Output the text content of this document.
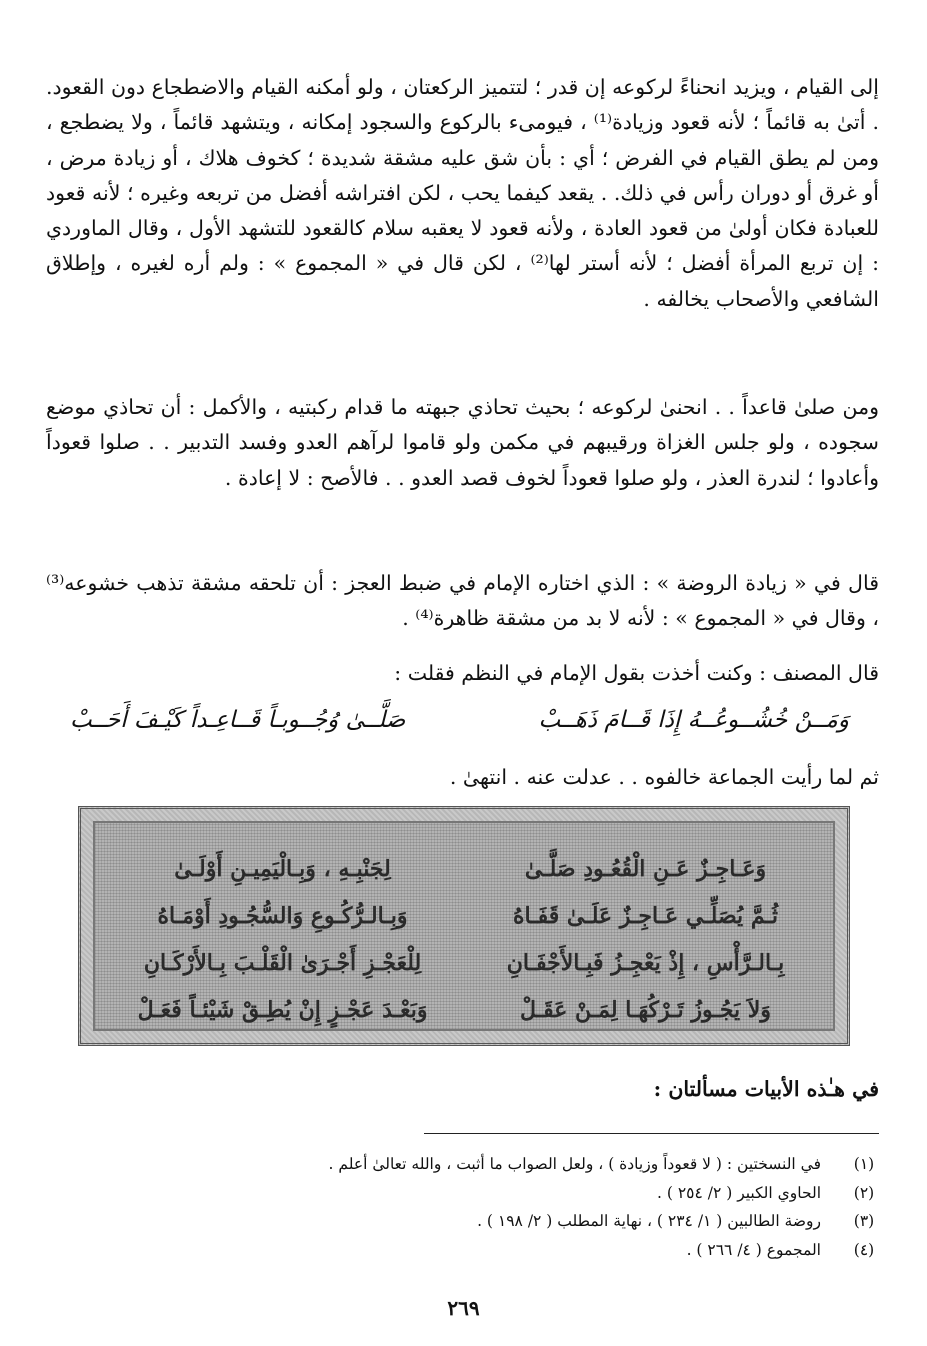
إلى القيام ، ويزيد انحناءً لركوعه إن قدر ؛ لتتميز الركعتان ، ولو أمكنه القيام والاضطجاع دون القعود. . أتىٰ به قائماً ؛ لأنه قعود وزيادة⁽¹⁾ ، فيومىء بالركوع والسجود إمكانه ، ويتشهد قائماً ، ولا يضطجع ، ومن لم يطق القيام في الفرض ؛ أي : بأن شق عليه مشقة شديدة ؛ كخوف هلاك ، أو زيادة مرض ، أو غرق أو دوران رأس في ذلك. . يقعد كيفما يحب ، لكن افتراشه أفضل من تربعه وغيره ؛ لأنه قعود للعبادة فكان أولىٰ من قعود العادة ، ولأنه قعود لا يعقبه سلام كالقعود للتشهد الأول ، وقال الماوردي : إن تربع المرأة أفضل ؛ لأنه أستر لها⁽²⁾ ، لكن قال في « المجموع » : ولم أره لغيره ، وإطلاق الشافعي والأصحاب يخالفه .
ومن صلىٰ قاعداً . . انحنىٰ لركوعه ؛ بحيث تحاذي جبهته ما قدام ركبتيه ، والأكمل : أن تحاذي موضع سجوده ، ولو جلس الغزاة ورقيبهم في مكمن ولو قاموا لرآهم العدو وفسد التدبير . . صلوا قعوداً وأعادوا ؛ لندرة العذر ، ولو صلوا قعوداً لخوف قصد العدو . . فالأصح : لا إعادة .
قال في « زيادة الروضة » : الذي اختاره الإمام في ضبط العجز : أن تلحقه مشقة تذهب خشوعه⁽³⁾ ، وقال في « المجموع » : لأنه لا بد من مشقة ظاهرة⁽⁴⁾ .
قال المصنف : وكنت أخذت بقول الإمام في النظم فقلت :
وَمَــنْ خُشُــوعُــهُ إِذَا قَــامَ ذَهَــبْ
صَلَّــىٰ وُجُــوبـاً قَــاعِـداً كَيْـفَ أَحَــبْ
ثم لما رأيت الجماعة خالفوه . . عدلت عنه . انتهىٰ .
وَعَـاجِـزٌ عَـنِ الْقُعُـودِ صَلَّـىٰ
لِجَنْبِـهِ ، وَبِـالْيَمِيـنِ أَوْلَـىٰ
ثُـمَّ يُصَلِّـي عَـاجِـزٌ عَلَـىٰ قَفَـاهُ
وَبِـالـرُّكُـوعِ وَالسُّجُـودِ أَوْمَـاهُ
بِـالـرَّأْسِ ، إِذْ يَعْجِـزُ فَبِـالأَجْفَـانِ
لِلْعَجْـزِ أَجْـرَىٰ الْقَلْـبَ بِـالأَرْكَـانِ
وَلاَ يَجُـوزُ تَـرْكُهَـا لِمَـنْ عَقَـلْ
وَبَعْـدَ عَجْـزٍ إِنْ يُطِـقْ شَيْئـاً فَعَـلْ
في هـٰذه الأبيات مسألتان :
(١)
في النسختين : ( لا قعوداً وزيادة ) ، ولعل الصواب ما أثبت ، والله تعالىٰ أعلم .
(٢)
الحاوي الكبير ( ٢/ ٢٥٤ ) .
(٣)
روضة الطالبين ( ١/ ٢٣٤ ) ، نهاية المطلب ( ٢/ ١٩٨ ) .
(٤)
المجموع ( ٤/ ٢٦٦ ) .
٢٦٩
